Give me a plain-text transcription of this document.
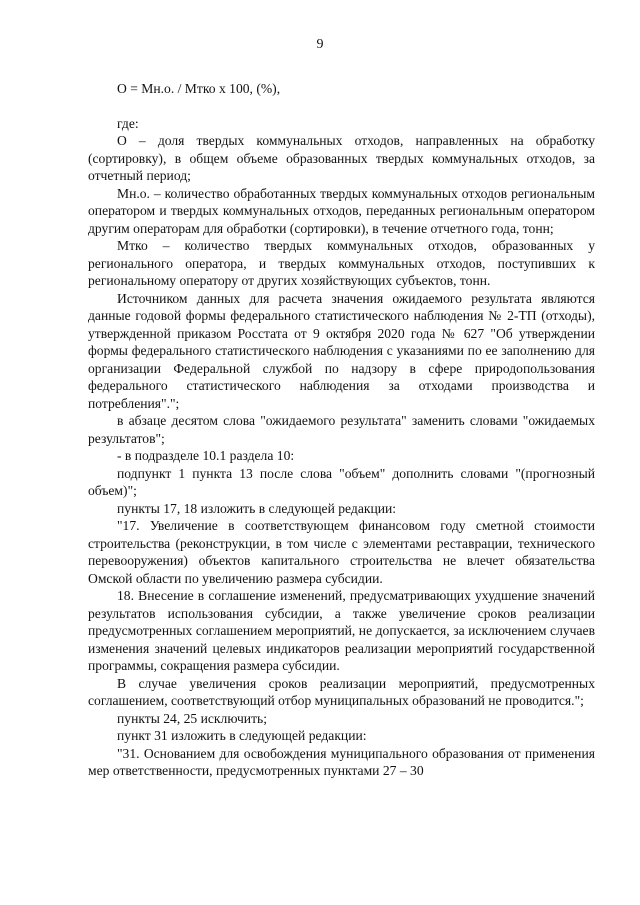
9

О = Мн.о. / Мтко х 100, (%),

где:

О – доля твердых коммунальных отходов, направленных на обработку (сортировку), в общем объеме образованных твердых коммунальных отходов, за отчетный период;

Мн.о. – количество обработанных твердых коммунальных отходов региональным оператором и твердых коммунальных отходов, переданных региональным оператором другим операторам для обработки (сортировки), в течение отчетного года, тонн;

Мтко – количество твердых коммунальных отходов, образованных у регионального оператора, и твердых коммунальных отходов, поступивших к региональному оператору от других хозяйствующих субъектов, тонн.

Источником данных для расчета значения ожидаемого результата являются данные годовой формы федерального статистического наблюдения № 2-ТП (отходы), утвержденной приказом Росстата от 9 октября 2020 года № 627 "Об утверждении формы федерального статистического наблюдения с указаниями по ее заполнению для организации Федеральной службой по надзору в сфере природопользования федерального статистического наблюдения за отходами производства и потребления".";

в абзаце десятом слова "ожидаемого результата" заменить словами "ожидаемых результатов";

- в подразделе 10.1 раздела 10:

подпункт 1 пункта 13 после слова "объем" дополнить словами "(прогнозный объем)";

пункты 17, 18 изложить в следующей редакции:

"17. Увеличение в соответствующем финансовом году сметной стоимости строительства (реконструкции, в том числе с элементами реставрации, технического перевооружения) объектов капитального строительства не влечет обязательства Омской области по увеличению размера субсидии.

18. Внесение в соглашение изменений, предусматривающих ухудшение значений результатов использования субсидии, а также увеличение сроков реализации предусмотренных соглашением мероприятий, не допускается, за исключением случаев изменения значений целевых индикаторов реализации мероприятий государственной программы, сокращения размера субсидии.

В случае увеличения сроков реализации мероприятий, предусмотренных соглашением, соответствующий отбор муниципальных образований не проводится.";

пункты 24, 25 исключить;

пункт 31 изложить в следующей редакции:

"31. Основанием для освобождения муниципального образования от применения мер ответственности, предусмотренных пунктами 27 – 30
